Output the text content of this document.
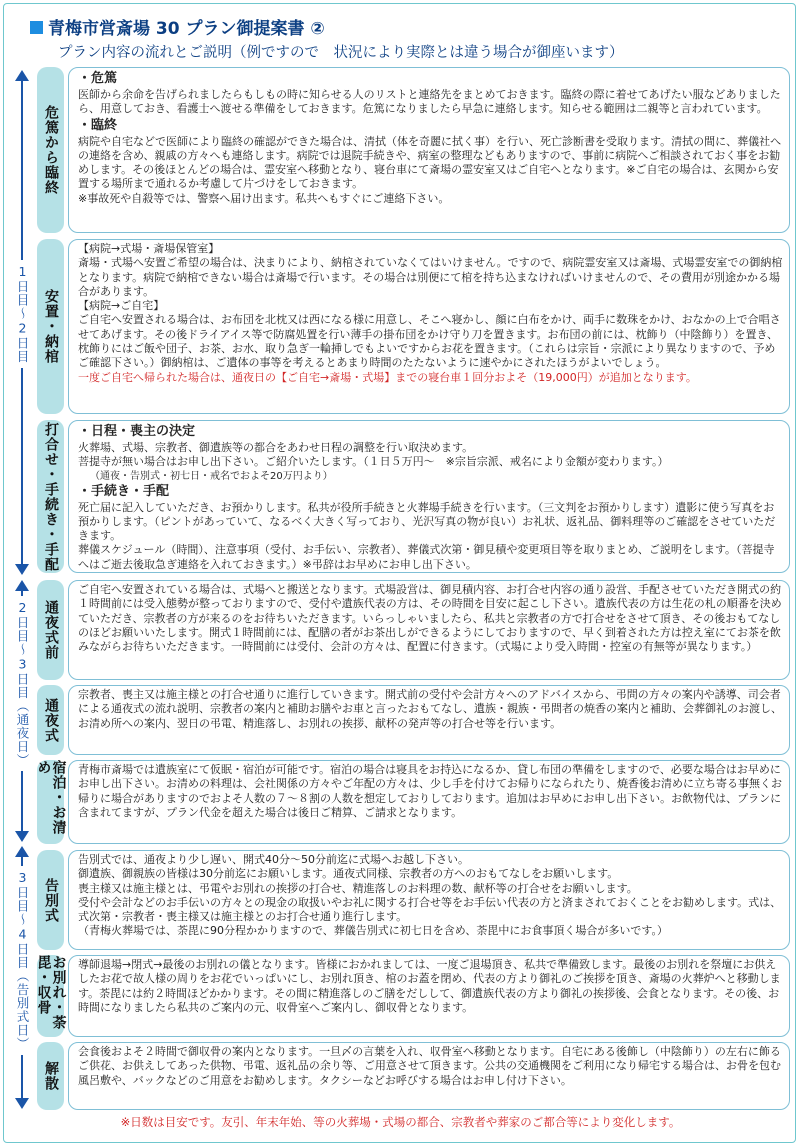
青梅市営斎場 30 プラン御提案書 ②
プラン内容の流れとご説明（例ですので　状況により実際とは違う場合が御座います）
1日目～2日目
2日目～3日目（通夜日）
3日目～4日目（告別式日）
危篤から臨終

・危篤

医師から余命を告げられましたらもしもの時に知らせる人のリストと連絡先をまとめておきます。臨終の際に着せてあげたい服などありましたら、用意しておき、看護士へ渡せる準備をしておきます。危篤になりましたら早急に連絡します。知らせる範囲は二親等と言われています。

・臨終

病院や自宅などで医師により臨終の確認ができた場合は、清拭（体を奇麗に拭く事）を行い、死亡診断書を受取ります。清拭の間に、葬儀社への連絡を含め、親戚の方々へも連絡します。病院では退院手続きや、病室の整理などもありますので、事前に病院へご相談されておく事をお勧めします。その後ほとんどの場合は、霊安室へ移動となり、寝台車にて斎場の霊安室又はご自宅へとなります。※ご自宅の場合は、玄関から安置する場所まで通れるか考慮して片づけをしておきます。

※事故死や自殺等では、警察へ届け出ます。私共へもすぐにご連絡下さい。

安置・納棺

【病院→式場・斎場保管室】

斎場・式場へ安置ご希望の場合は、決まりにより、納棺されていなくてはいけません。ですので、病院霊安室又は斎場、式場霊安室での御納棺となります。病院で納棺できない場合は斎場で行います。その場合は別便にて棺を持ち込まなければいけませんので、その費用が別途かかる場合があります。

【病院→ご自宅】

ご自宅へ安置される場合は、お布団を北枕又は西になる様に用意し、そこへ寝かし、顔に白布をかけ、両手に数珠をかけ、おなかの上で合唱させてあげます。その後ドライアイス等で防腐処置を行い薄手の掛布団をかけ守り刀を置きます。お布団の前には、枕飾り（中陰飾り）を置き、枕飾りにはご飯や団子、お茶、お水、取り急ぎ一輪挿しでもよいですからお花を置きます。（これらは宗旨・宗派により異なりますので、予めご確認下さい。）御納棺は、ご遺体の事等を考えるとあまり時間のたたないように速やかにされたほうがよいでしょう。

一度ご自宅へ帰られた場合は、通夜日の【ご自宅→斎場・式場】までの寝台車１回分およそ（19,000円）が追加となります。

打合せ・手続き・手配 ・日程・喪主の決定

火葬場、式場、宗教者、御遺族等の都合をあわせ日程の調整を行い取決めます。

菩提寺が無い場合はお申し出下さい。ご紹介いたします。（１日５万円～　※宗旨宗派、戒名により金額が変わります。）

（通夜・告別式・初七日・戒名でおよそ20万円より）

・手続き・手配

死亡届に記入していただき、お預かりします。私共が役所手続きと火葬場手続きを行います。（三文判をお預かりします）遺影に使う写真をお預かりします。（ピントがあっていて、なるべく大きく写っており、光沢写真の物が良い）お礼状、返礼品、御料理等のご確認をさせていただきます。

葬儀スケジュール（時間）、注意事項（受付、お手伝い、宗教者）、葬儀式次第・御見積や変更項目等を取りまとめ、ご説明をします。（菩提寺へはご逝去後取急ぎ連絡を入れておきます。）※弔辞はお早めにお申し出下さい。

通夜式前

ご自宅へ安置されている場合は、式場へと搬送となります。式場設営は、御見積内容、お打合せ内容の通り設営、手配させていただき開式の約１時間前には受入態勢が整っておりますので、受付や遺族代表の方は、その時間を目安に起こし下さい。遺族代表の方は生花の札の順番を決めていただき、宗教者の方が来るのをお待ちいただきます。いらっしゃいましたら、私共と宗教者の方で打合せをさせて頂き、その後おもてなしのほどお願いいたします。開式１時間前には、配膳の者がお茶出しができるようにしておりますので、早く到着された方は控え室にてお茶を飲みながらお待ちいただきます。一時間前には受付、会計の方々は、配置に付きます。（式場により受入時間・控室の有無等が異なります。）

通夜式

宗教者、喪主又は施主様との打合せ通りに進行していきます。開式前の受付や会計方々へのアドバイスから、弔問の方々の案内や誘導、司会者による通夜式の流れ説明、宗教者の案内と補助お膳やお車と言ったおもてなし、遺族・親族・弔問者の焼香の案内と補助、会葬御礼のお渡し、お清め所への案内、翌日の弔電、精進落し、お別れの挨拶、献杯の発声等の打合せ等を行います。

宿泊・お清め	青梅市斎場では遺族室にて仮眠・宿泊が可能です。宿泊の場合は寝具をお持込になるか、貸し布団の準備をしますので、必要な場合はお早めにお申し出下さい。お清めの料理は、会社関係の方々やご年配の方々は、少し手を付けてお帰りになられたり、焼香後お清めに立ち寄る事無くお帰りに場合がありますのでおよそ人数の７～８割の人数を想定しておりしております。追加はお早めにお申し出下さい。お飲物代は、プランに含まれてますが、プラン代金を超えた場合は後日ご精算、ご請求となります。

告別式

告別式では、通夜より少し遅い、開式40分～50分前迄に式場へお越し下さい。

御遺族、御親族の皆様は30分前迄にお願いします。通夜式同様、宗教者の方へのおもてなしをお願いします。

喪主様又は施主様とは、弔電やお別れの挨拶の打合せ、精進落しのお料理の数、献杯等の打合せをお願いします。

受付や会計などのお手伝いの方々との現金の取扱いやお礼に関する打合せ等をお手伝い代表の方と済まされておくことをお勧めします。式は、式次第・宗教者・喪主様又は施主様とのお打合せ通り進行します。

（青梅火葬場では、荼毘に90分程かかりますので、葬儀告別式に初七日を含め、荼毘中にお食事頂く場合が多いです。）

お別れ・荼毘・収骨	導師退場→閉式→最後のお別れの儀となります。皆様におかれましては、一度ご退場頂き、私共で準備致します。最後のお別れを祭壇にお供えしたお花で故人様の周りをお花でいっぱいにし、お別れ頂き、棺のお蓋を閉め、代表の方より御礼のご挨拶を頂き、斎場の火葬炉へと移動します。荼毘には約２時間ほどかかります。その間に精進落しのご膳をだしして、御遺族代表の方より御礼の挨拶後、会食となります。その後、お時間になりましたら私共のご案内の元、収骨室へご案内し、御収骨となります。

解散

会食後およそ２時間で御収骨の案内となります。一旦〆の言葉を入れ、収骨室へ移動となります。自宅にある後飾し（中陰飾り）の左右に飾るご供花、お供えしてあった供物、弔電、返礼品の余り等、ご用意させて頂きます。公共の交通機関をご利用になり帰宅する場合は、お骨を包む風呂敷や、バックなどのご用意をお勧めします。タクシーなどお呼びする場合はお申し付け下さい。

※日数は目安です。友引、年末年始、等の火葬場・式場の都合、宗教者や葬家のご都合等により変化します。
